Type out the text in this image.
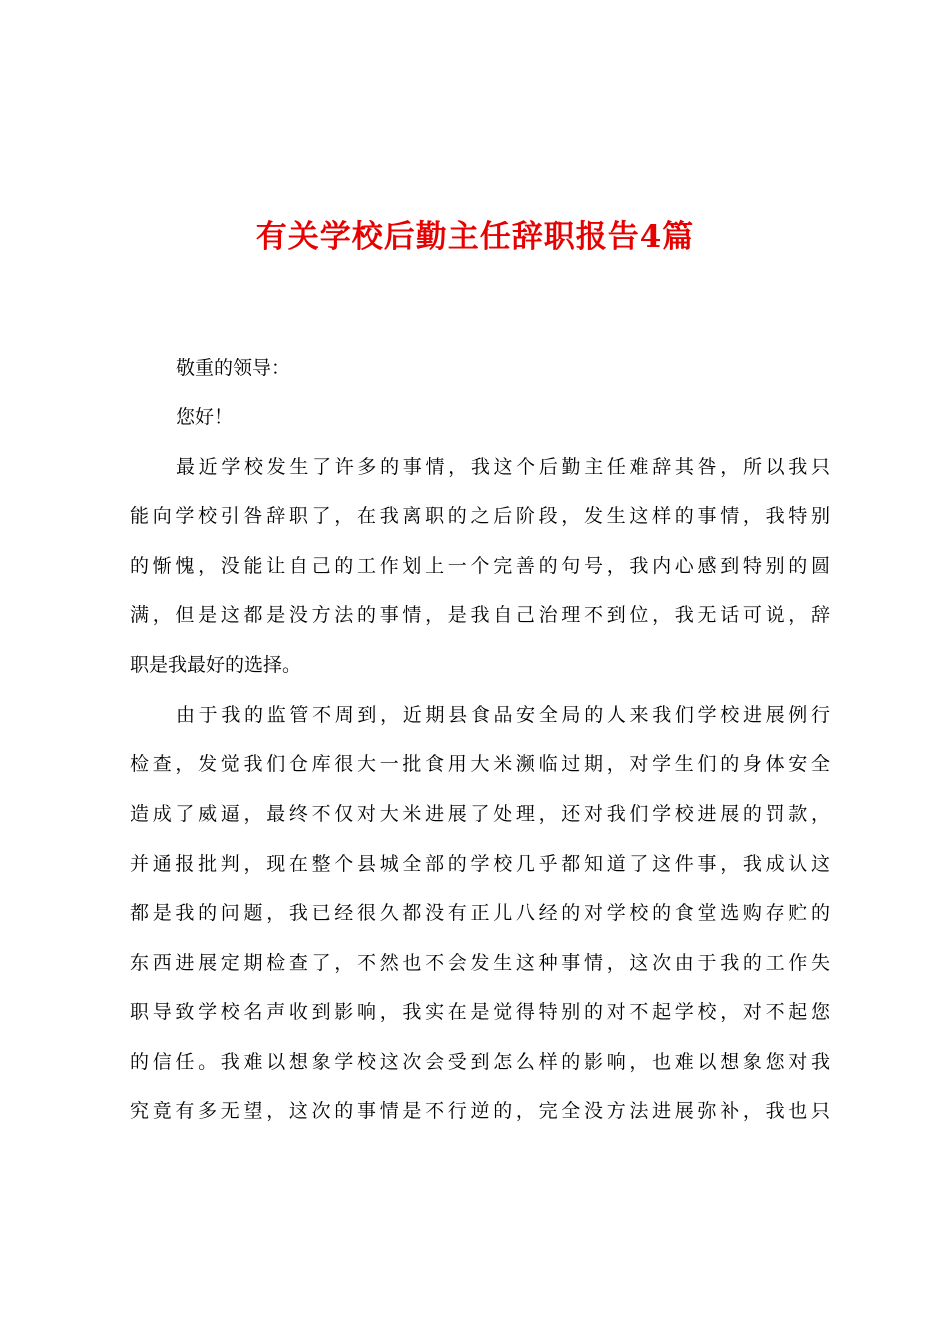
有关学校后勤主任辞职报告4篇
敬重的领导：
您好！
最近学校发生了许多的事情，我这个后勤主任难辞其咎，所以我只
能向学校引咎辞职了，在我离职的之后阶段，发生这样的事情，我特别
的惭愧，没能让自己的工作划上一个完善的句号，我内心感到特别的圆
满，但是这都是没方法的事情，是我自己治理不到位，我无话可说，辞
职是我最好的选择。
由于我的监管不周到，近期县食品安全局的人来我们学校进展例行
检查，发觉我们仓库很大一批食用大米濒临过期，对学生们的身体安全
造成了威逼，最终不仅对大米进展了处理，还对我们学校进展的罚款，
并通报批判，现在整个县城全部的学校几乎都知道了这件事，我成认这
都是我的问题，我已经很久都没有正儿八经的对学校的食堂选购存贮的
东西进展定期检查了，不然也不会发生这种事情，这次由于我的工作失
职导致学校名声收到影响，我实在是觉得特别的对不起学校，对不起您
的信任。我难以想象学校这次会受到怎么样的影响，也难以想象您对我
究竟有多无望，这次的事情是不行逆的，完全没方法进展弥补，我也只
